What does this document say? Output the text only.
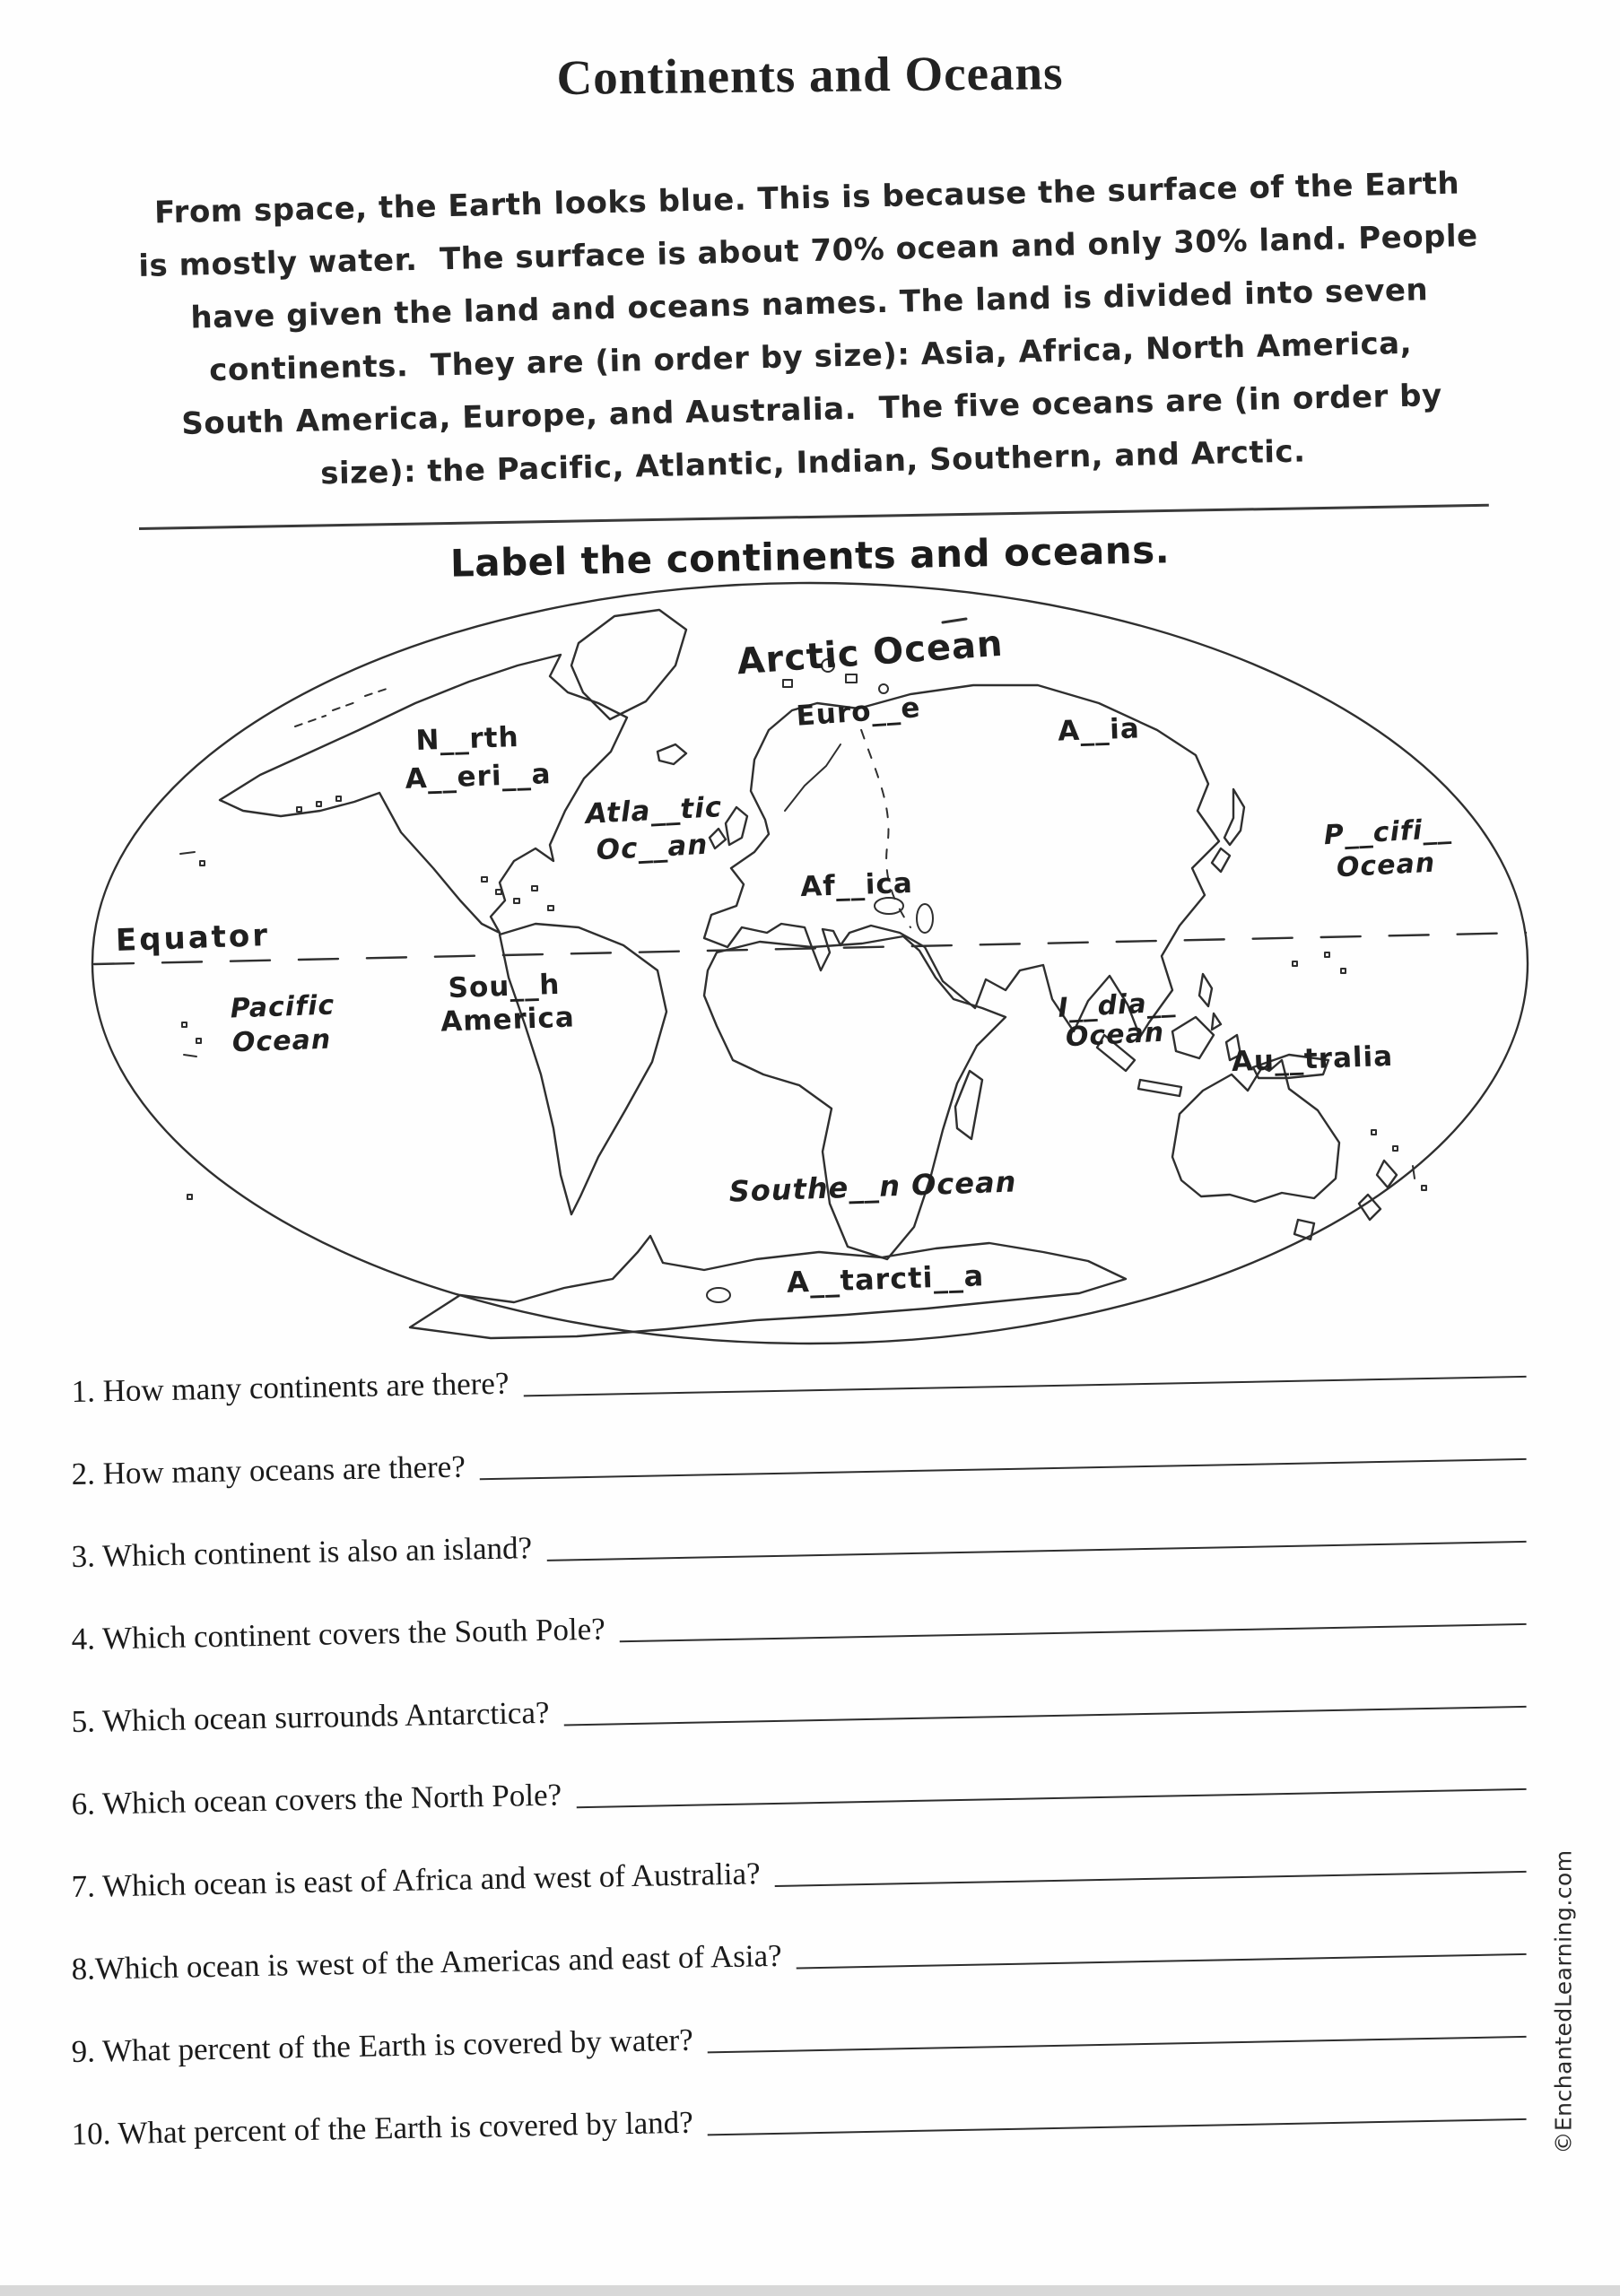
Continents and Oceans
From space, the Earth looks blue. This is because the surface of the Earth
is mostly water.  The surface is about 70% ocean and only 30% land. People
have given the land and oceans names. The land is divided into seven
continents.  They are (in order by size): Asia, Africa, North America,
South America, Europe, and Australia.  The five oceans are (in order by
size): the Pacific, Atlantic, Indian, Southern, and Arctic.
Label the continents and oceans.
Arctic Ocean
N__rth
A__eri__a
Euro__e	A__ia
Atla__tic
Oc__an
Af__ica
P__cifi__
Ocean
Equator
Pacific
Ocean
Sou__h
America	I__dia__
Ocean
Au__tralia
Southe__n Ocean
A__tarcti__a
1. How many continents are there?
2. How many oceans are there?
3. Which continent is also an island?
4. Which continent covers the South Pole?
5. Which ocean surrounds Antarctica?
6. Which ocean covers the North Pole?
7. Which ocean is east of Africa and west of Australia?
8.Which ocean is west of the Americas and east of Asia?
9. What percent of the Earth is covered by water?
10. What percent of the Earth is covered by land?	©EnchantedLearning.com
